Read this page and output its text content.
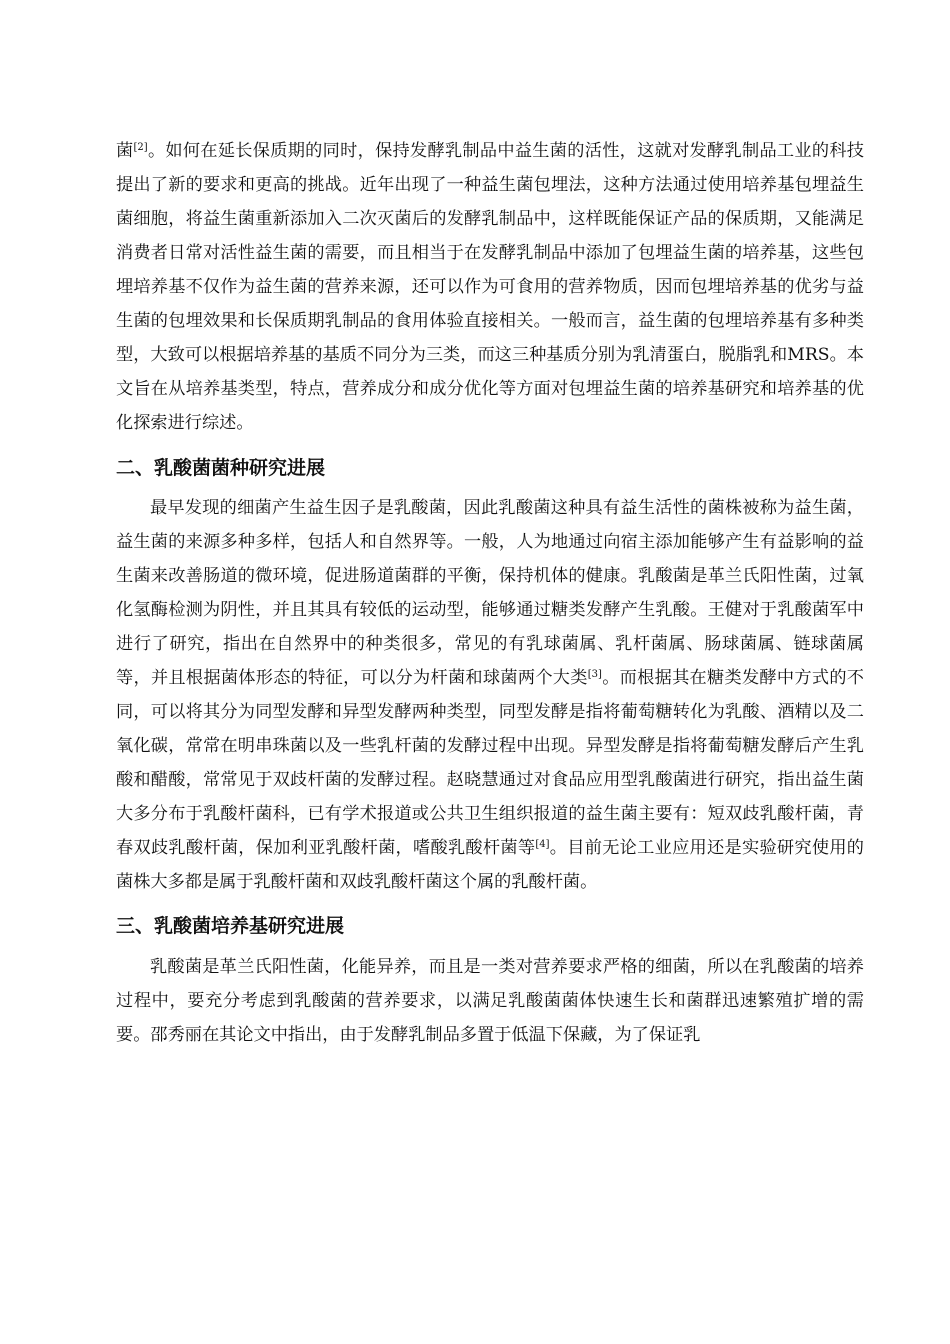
菌[2]。如何在延长保质期的同时，保持发酵乳制品中益生菌的活性，这就对发酵乳制品工业的科技提出了新的要求和更高的挑战。近年出现了一种益生菌包埋法，这种方法通过使用培养基包埋益生菌细胞，将益生菌重新添加入二次灭菌后的发酵乳制品中，这样既能保证产品的保质期，又能满足消费者日常对活性益生菌的需要，而且相当于在发酵乳制品中添加了包埋益生菌的培养基，这些包埋培养基不仅作为益生菌的营养来源，还可以作为可食用的营养物质，因而包埋培养基的优劣与益生菌的包埋效果和长保质期乳制品的食用体验直接相关。一般而言，益生菌的包埋培养基有多种类型，大致可以根据培养基的基质不同分为三类，而这三种基质分别为乳清蛋白，脱脂乳和MRS。本文旨在从培养基类型，特点，营养成分和成分优化等方面对包埋益生菌的培养基研究和培养基的优化探索进行综述。

二、乳酸菌菌种研究进展

最早发现的细菌产生益生因子是乳酸菌，因此乳酸菌这种具有益生活性的菌株被称为益生菌，益生菌的来源多种多样，包括人和自然界等。一般，人为地通过向宿主添加能够产生有益影响的益生菌来改善肠道的微环境，促进肠道菌群的平衡，保持机体的健康。乳酸菌是革兰氏阳性菌，过氧化氢酶检测为阴性，并且其具有较低的运动型，能够通过糖类发酵产生乳酸。王健对于乳酸菌军中进行了研究，指出在自然界中的种类很多，常见的有乳球菌属、乳杆菌属、肠球菌属、链球菌属等，并且根据菌体形态的特征，可以分为杆菌和球菌两个大类[3]。而根据其在糖类发酵中方式的不同，可以将其分为同型发酵和异型发酵两种类型，同型发酵是指将葡萄糖转化为乳酸、酒精以及二氧化碳，常常在明串珠菌以及一些乳杆菌的发酵过程中出现。异型发酵是指将葡萄糖发酵后产生乳酸和醋酸，常常见于双歧杆菌的发酵过程。赵晓慧通过对食品应用型乳酸菌进行研究，指出益生菌大多分布于乳酸杆菌科，已有学术报道或公共卫生组织报道的益生菌主要有：短双歧乳酸杆菌，青春双歧乳酸杆菌，保加利亚乳酸杆菌，嗜酸乳酸杆菌等[4]。目前无论工业应用还是实验研究使用的菌株大多都是属于乳酸杆菌和双歧乳酸杆菌这个属的乳酸杆菌。

三、乳酸菌培养基研究进展

乳酸菌是革兰氏阳性菌，化能异养，而且是一类对营养要求严格的细菌，所以在乳酸菌的培养过程中，要充分考虑到乳酸菌的营养要求，以满足乳酸菌菌体快速生长和菌群迅速繁殖扩增的需要。邵秀丽在其论文中指出，由于发酵乳制品多置于低温下保藏，为了保证乳
